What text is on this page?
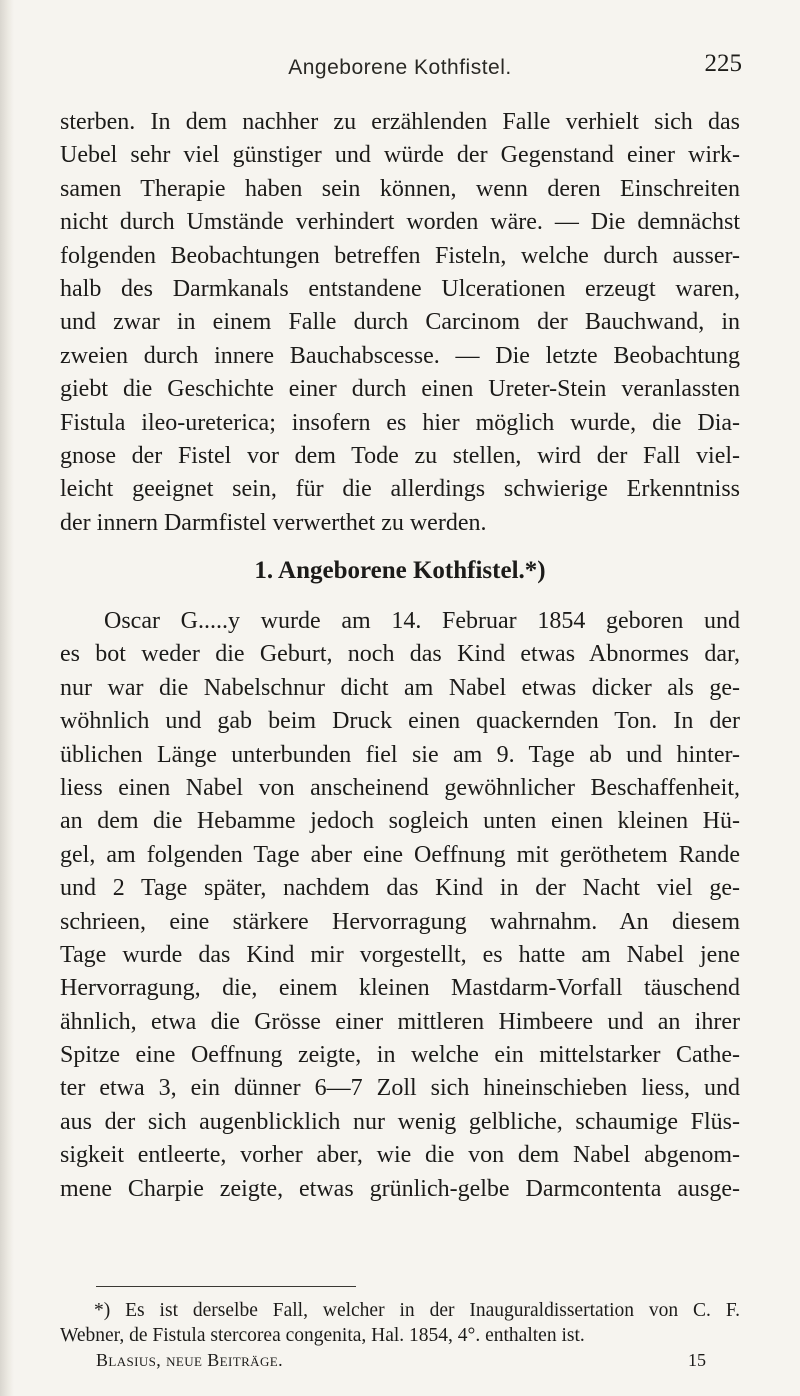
Angeborene Kothfistel.	225
sterben. In dem nachher zu erzählenden Falle verhielt sich das
Uebel sehr viel günstiger und würde der Gegenstand einer wirk-
samen Therapie haben sein können, wenn deren Einschreiten
nicht durch Umstände verhindert worden wäre. — Die demnächst
folgenden Beobachtungen betreffen Fisteln, welche durch ausser-
halb des Darmkanals entstandene Ulcerationen erzeugt waren,
und zwar in einem Falle durch Carcinom der Bauchwand, in
zweien durch innere Bauchabscesse. — Die letzte Beobachtung
giebt die Geschichte einer durch einen Ureter-Stein veranlassten
Fistula ileo-ureterica; insofern es hier möglich wurde, die Dia-
gnose der Fistel vor dem Tode zu stellen, wird der Fall viel-
leicht geeignet sein, für die allerdings schwierige Erkenntniss
der innern Darmfistel verwerthet zu werden.
1. Angeborene Kothfistel.*)
Oscar G.....y wurde am 14. Februar 1854 geboren und
es bot weder die Geburt, noch das Kind etwas Abnormes dar,
nur war die Nabelschnur dicht am Nabel etwas dicker als ge-
wöhnlich und gab beim Druck einen quackernden Ton. In der
üblichen Länge unterbunden fiel sie am 9. Tage ab und hinter-
liess einen Nabel von anscheinend gewöhnlicher Beschaffenheit,
an dem die Hebamme jedoch sogleich unten einen kleinen Hü-
gel, am folgenden Tage aber eine Oeffnung mit geröthetem Rande
und 2 Tage später, nachdem das Kind in der Nacht viel ge-
schrieen, eine stärkere Hervorragung wahrnahm. An diesem
Tage wurde das Kind mir vorgestellt, es hatte am Nabel jene
Hervorragung, die, einem kleinen Mastdarm-Vorfall täuschend
ähnlich, etwa die Grösse einer mittleren Himbeere und an ihrer
Spitze eine Oeffnung zeigte, in welche ein mittelstarker Cathe-
ter etwa 3, ein dünner 6—7 Zoll sich hineinschieben liess, und
aus der sich augenblicklich nur wenig gelbliche, schaumige Flüs-
sigkeit entleerte, vorher aber, wie die von dem Nabel abgenom-
mene Charpie zeigte, etwas grünlich-gelbe Darmcontenta ausge-
*) Es ist derselbe Fall, welcher in der Inauguraldissertation von C. F.
Webner, de Fistula stercorea congenita, Hal. 1854, 4°. enthalten ist.
Blasius, neue Beiträge.	15
